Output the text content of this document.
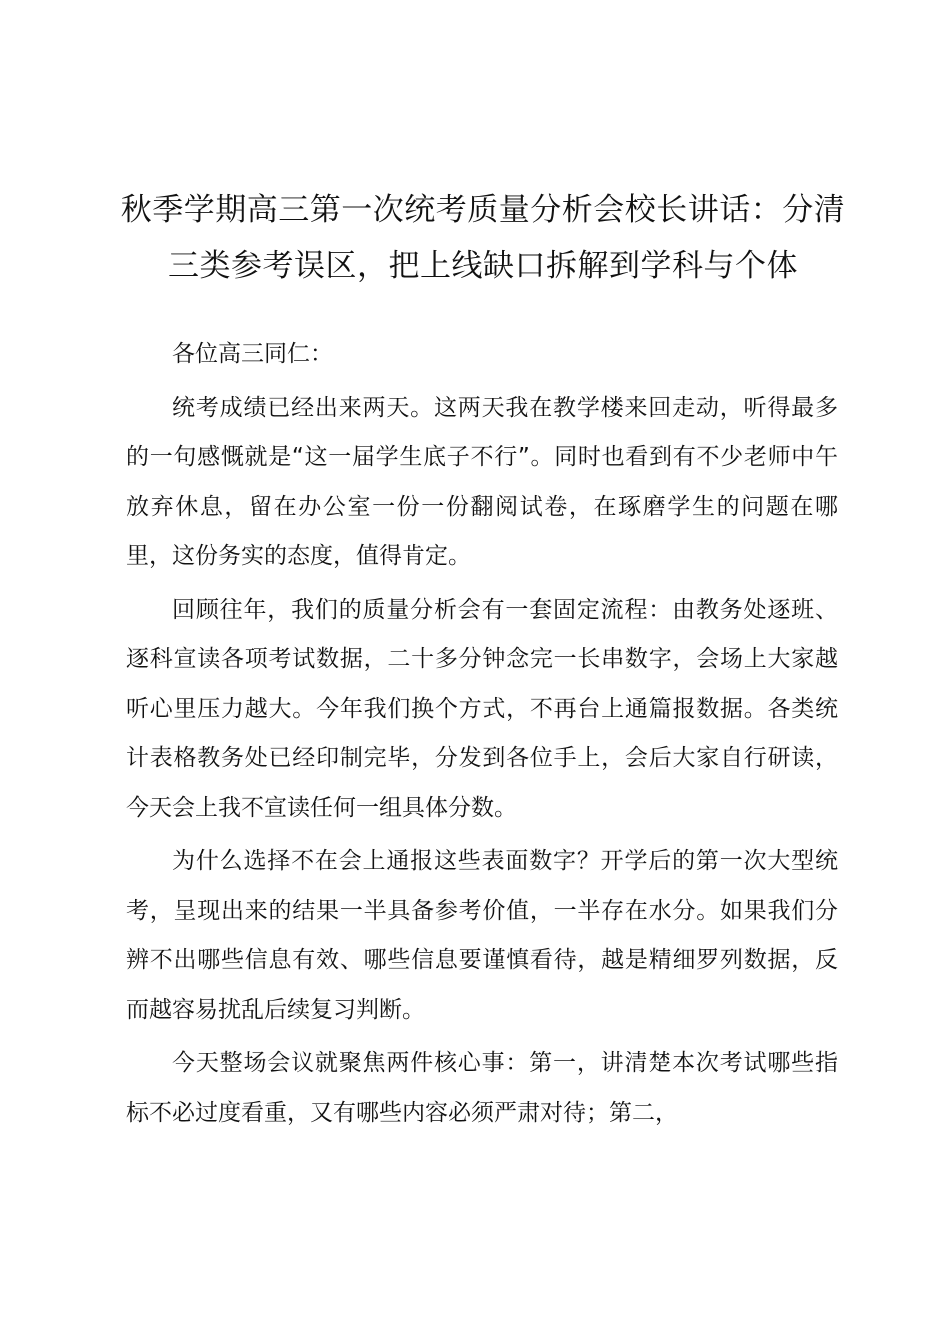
秋季学期高三第一次统考质量分析会校长讲话：分清三类参考误区，把上线缺口拆解到学科与个体

各位高三同仁：

统考成绩已经出来两天。这两天我在教学楼来回走动，听得最多的一句感慨就是“这一届学生底子不行”。同时也看到有不少老师中午放弃休息，留在办公室一份一份翻阅试卷，在琢磨学生的问题在哪里，这份务实的态度，值得肯定。

回顾往年，我们的质量分析会有一套固定流程：由教务处逐班、逐科宣读各项考试数据，二十多分钟念完一长串数字，会场上大家越听心里压力越大。今年我们换个方式，不再台上通篇报数据。各类统计表格教务处已经印制完毕，分发到各位手上，会后大家自行研读，今天会上我不宣读任何一组具体分数。

为什么选择不在会上通报这些表面数字？开学后的第一次大型统考，呈现出来的结果一半具备参考价值，一半存在水分。如果我们分辨不出哪些信息有效、哪些信息要谨慎看待，越是精细罗列数据，反而越容易扰乱后续复习判断。

今天整场会议就聚焦两件核心事：第一，讲清楚本次考试哪些指标不必过度看重，又有哪些内容必须严肃对待；第二，
